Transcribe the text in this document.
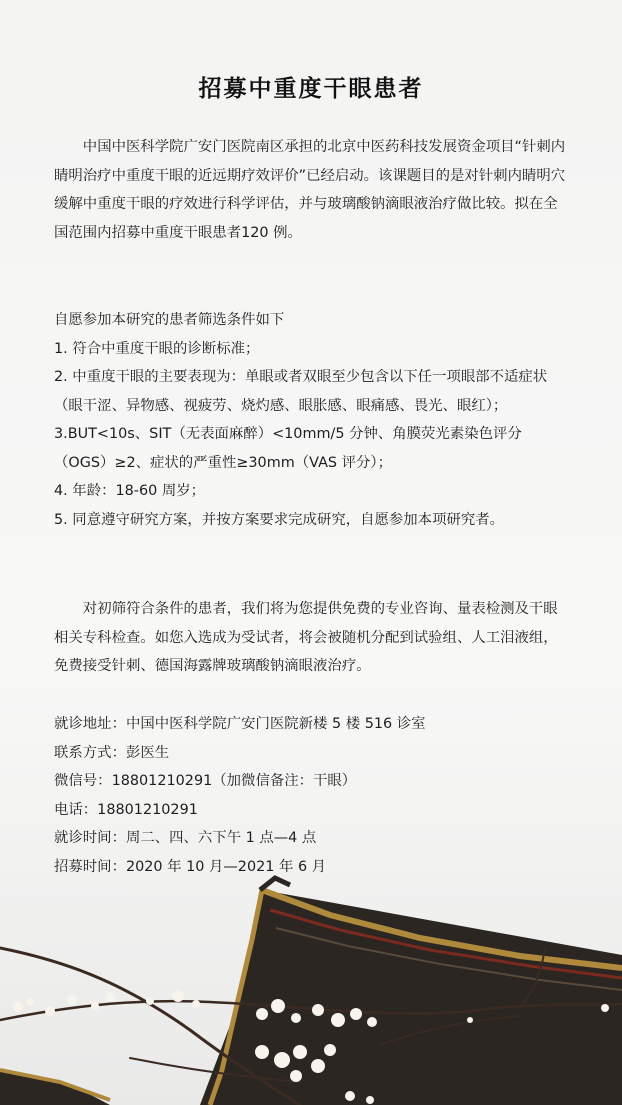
招募中重度干眼患者

中国中医科学院广安门医院南区承担的北京中医药科技发展资金项目“针刺内睛明治疗中重度干眼的近远期疗效评价”已经启动。该课题目的是对针刺内睛明穴缓解中重度干眼的疗效进行科学评估，并与玻璃酸钠滴眼液治疗做比较。拟在全国范围内招募中重度干眼患者120 例。

自愿参加本研究的患者筛选条件如下

1. 符合中重度干眼的诊断标准；

2. 中重度干眼的主要表现为：单眼或者双眼至少包含以下任一项眼部不适症状（眼干涩、异物感、视疲劳、烧灼感、眼胀感、眼痛感、畏光、眼红）；

3.BUT<10s、SIT（无表面麻醉）<10mm/5 分钟、角膜荧光素染色评分（OGS）≥2、症状的严重性≥30mm（VAS 评分）；

4. 年龄：18-60 周岁；

5. 同意遵守研究方案，并按方案要求完成研究，自愿参加本项研究者。

对初筛符合条件的患者，我们将为您提供免费的专业咨询、量表检测及干眼相关专科检查。如您入选成为受试者，将会被随机分配到试验组、人工泪液组，免费接受针刺、德国海露牌玻璃酸钠滴眼液治疗。

就诊地址：中国中医科学院广安门医院新楼 5 楼 516 诊室

联系方式：彭医生

微信号：18801210291（加微信备注：干眼）

电话：18801210291

就诊时间：周二、四、六下午 1 点—4 点

招募时间：2020 年 10 月—2021 年 6 月
